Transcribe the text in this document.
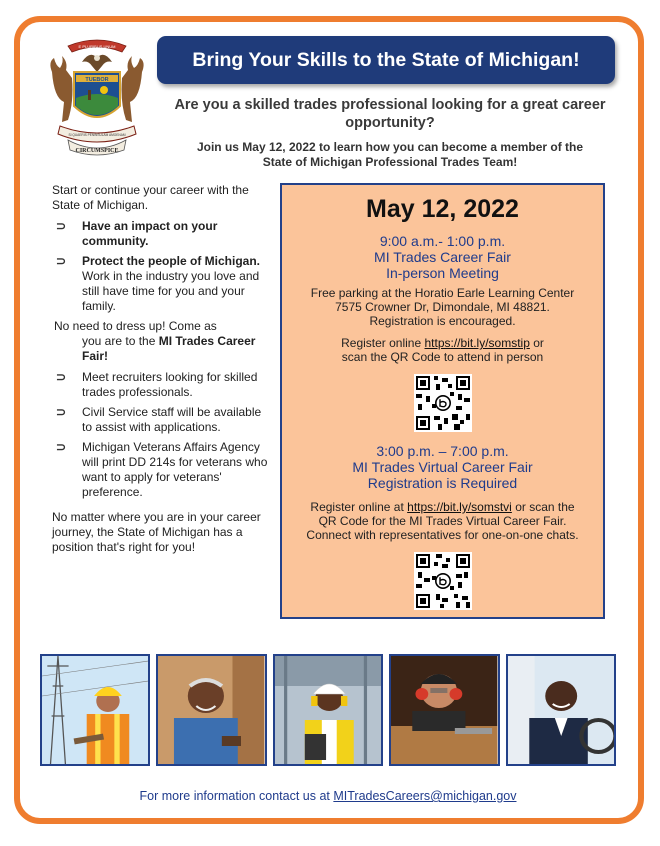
E PLURIBUS UNUM
TUEBOR
SI QUAERIS PENINSULAM AMOENAM
CIRCUMSPICE
Bring Your Skills to the State of Michigan!
Are you a skilled trades professional looking for a great career
opportunity?
Join us May 12, 2022 to learn how you can become a member of the
State of Michigan Professional Trades Team!

Start or continue your career with the State of Michigan.

⊃ Have an impact on your community.
⊃ Protect the people of Michigan. Work in the industry you love and still have time for you and your family.

No need to dress up! Come as
you are to the MI Trades Career Fair!

⊃ Meet recruiters looking for skilled trades professionals.
⊃ Civil Service staff will be available to assist with applications.
⊃ Michigan Veterans Affairs Agency will print DD 214s for veterans who want to apply for veterans' preference.

No matter where you are in your career journey, the State of Michigan has a position that's right for you!

May 12, 2022
9:00 a.m.- 1:00 p.m.
MI Trades Career Fair
In-person Meeting
Free parking at the Horatio Earle Learning Center
7575 Crowner Dr, Dimondale, MI 48821.
Registration is encouraged.
Register online https://bit.ly/somstip or
scan the QR Code to attend in person
3:00 p.m. – 7:00 p.m.
MI Trades Virtual Career Fair
Registration is Required
Register online at https://bit.ly/somstvi or scan the
QR Code for the MI Trades Virtual Career Fair.
Connect with representatives for one-on-one chats.
For more information contact us at MITradesCareers@michigan.gov
